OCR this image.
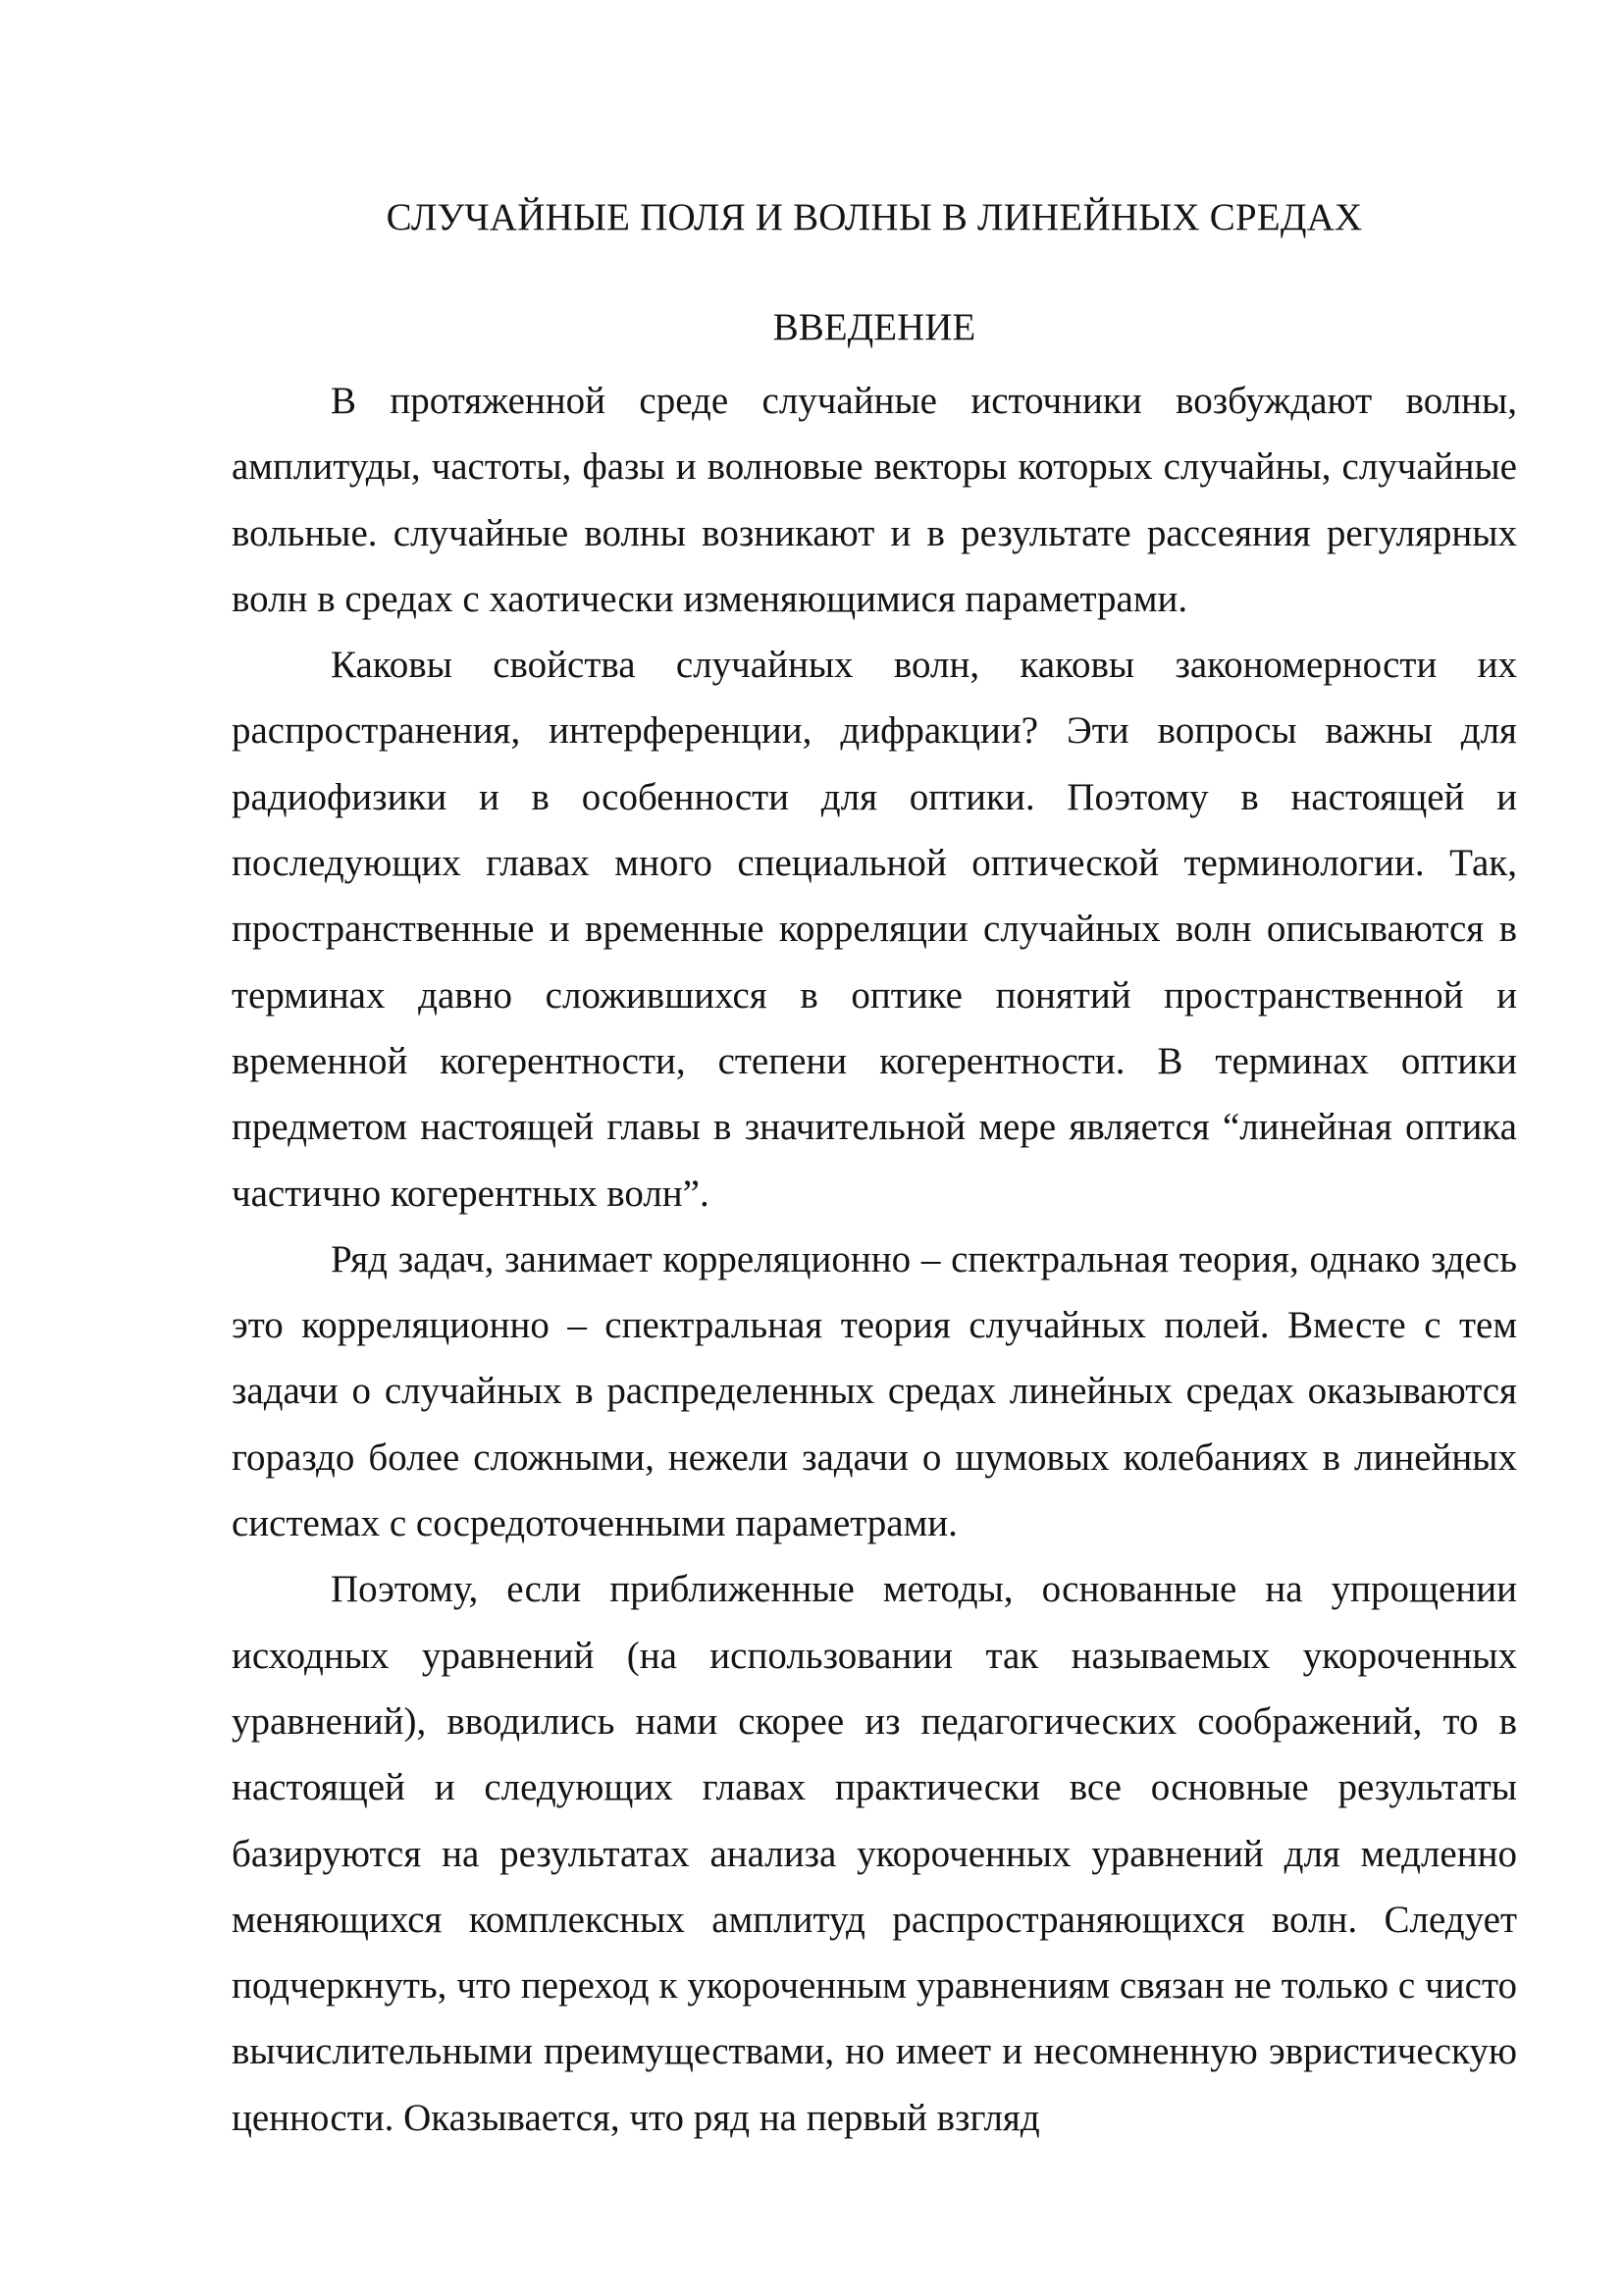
СЛУЧАЙНЫЕ ПОЛЯ И ВОЛНЫ В ЛИНЕЙНЫХ СРЕДАХ
ВВЕДЕНИЕ

В протяженной среде случайные источники возбуждают волны, амплитуды, частоты, фазы и волновые векторы которых случайны, случайные вольные. случайные волны возникают и в результате рассеяния регулярных волн в средах с хаотически изменяющимися параметрами.

Каковы свойства случайных волн, каковы закономерности их распространения, интерференции, дифракции? Эти вопросы важны для радиофизики и в особенности для оптики. Поэтому в настоящей и последующих главах много специальной оптической терминологии. Так, пространственные и временные корреляции случайных волн описываются в терминах давно сложившихся в оптике понятий пространственной и временной когерентности, степени когерентности. В терминах оптики предметом настоящей главы в значительной мере является “линейная оптика частично когерентных волн”.

Ряд задач, занимает корреляционно – спектральная теория, однако здесь это корреляционно – спектральная теория случайных полей. Вместе с тем задачи о случайных в распределенных средах линейных средах оказываются гораздо более сложными, нежели задачи о шумовых колебаниях в линейных системах с сосредоточенными параметрами.

Поэтому, если приближенные методы, основанные на упрощении исходных уравнений (на использовании так называемых укороченных уравнений), вводились нами скорее из педагогических соображений, то в настоящей и следующих главах практически все основные результаты базируются на результатах анализа укороченных уравнений для медленно меняющихся комплексных амплитуд распространяющихся волн. Следует подчеркнуть, что переход к укороченным уравнениям связан не только с чисто вычислительными преимуществами, но имеет и несомненную эвристическую ценности. Оказывается, что ряд на первый взгляд
